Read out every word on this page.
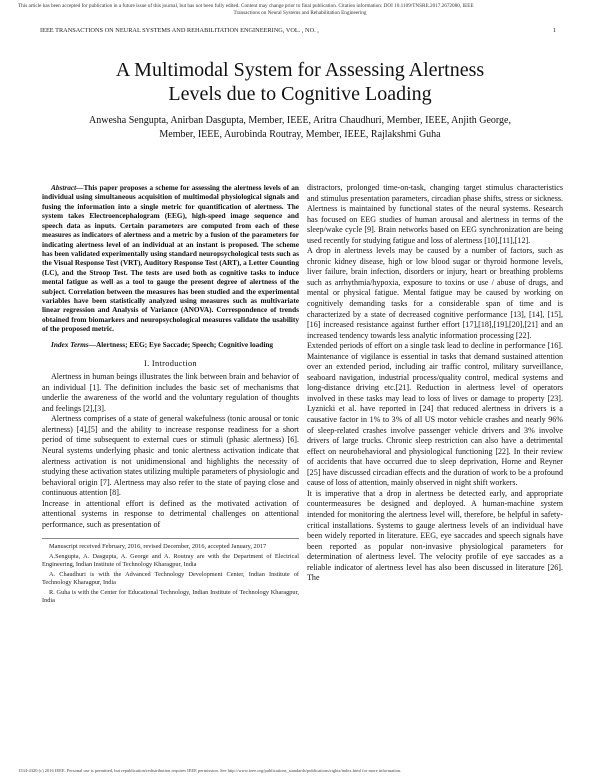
This article has been accepted for publication in a future issue of this journal, but has not been fully edited. Content may change prior to final publication. Citation information: DOI 10.1109/TNSRE.2017.2672080, IEEE
Transactions on Neural Systems and Rehabilitation Engineering
IEEE TRANSACTIONS ON NEURAL SYSTEMS AND REHABILITATION ENGINEERING, VOL. , NO. ,	1
A Multimodal System for Assessing Alertness
Levels due to Cognitive Loading
Anwesha Sengupta, Anirban Dasgupta, Member, IEEE, Aritra Chaudhuri, Member, IEEE, Anjith George,
Member, IEEE, Aurobinda Routray, Member, IEEE, Rajlakshmi Guha

Abstract—This paper proposes a scheme for assessing the alertness levels of an individual using simultaneous acquisition of multimodal physiological signals and fusing the information into a single metric for quantification of alertness. The system takes Electroencephalogram (EEG), high-speed image sequence and speech data as inputs. Certain parameters are computed from each of these measures as indicators of alertness and a metric by a fusion of the parameters for indicating alertness level of an individual at an instant is proposed. The scheme has been validated experimentally using standard neuropsychological tests such as the Visual Response Test (VRT), Auditory Response Test (ART), a Letter Counting (LC), and the Stroop Test. The tests are used both as cognitive tasks to induce mental fatigue as well as a tool to gauge the present degree of alertness of the subject. Correlation between the measures has been studied and the experimental variables have been statistically analyzed using measures such as multivariate linear regression and Analysis of Variance (ANOVA). Correspondence of trends obtained from biomarkers and neuropsychological measures validate the usability of the proposed metric.

Index Terms—Alertness; EEG; Eye Saccade; Speech; Cognitive loading

I. Introduction

Alertness in human beings illustrates the link between brain and behavior of an individual [1]. The definition includes the basic set of mechanisms that underlie the awareness of the world and the voluntary regulation of thoughts and feelings [2],[3].

Alertness comprises of a state of general wakefulness (tonic arousal or tonic alertness) [4],[5] and the ability to increase response readiness for a short period of time subsequent to external cues or stimuli (phasic alertness) [6]. Neural systems underlying phasic and tonic alertness activation indicate that alertness activation is not unidimensional and highlights the necessity of studying these activation states utilizing multiple parameters of physiologic and behavioral origin [7]. Alertness may also refer to the state of paying close and continuous attention [8].

Increase in attentional effort is defined as the motivated activation of attentional systems in response to detrimental challenges on attentional performance, such as presentation of

Manuscript received February, 2016, revised December, 2016, accepted January, 2017

A.Sengupta, A. Dasgupta, A. George and A. Routray are with the Department of Electrical Engineering, Indian Institute of Technology Kharagpur, India

A. Chaudhuri is with the Advanced Technology Development Center, Indian Institute of Technology Kharagpur, India

R. Guha is with the Center for Educational Technology, Indian Institute of Technology Kharagpur, India

distractors, prolonged time-on-task, changing target stimulus characteristics and stimulus presentation parameters, circadian phase shifts, stress or sickness. Alertness is maintained by functional states of the neural systems. Research has focused on EEG studies of human arousal and alertness in terms of the sleep/wake cycle [9]. Brain networks based on EEG synchronization are being used recently for studying fatigue and loss of alertness [10],[11],[12].

A drop in alertness levels may be caused by a number of factors, such as chronic kidney disease, high or low blood sugar or thyroid hormone levels, liver failure, brain infection, disorders or injury, heart or breathing problems such as arrhythmia/hypoxia, exposure to toxins or use / abuse of drugs, and mental or physical fatigue. Mental fatigue may be caused by working on cognitively demanding tasks for a considerable span of time and is characterized by a state of decreased cognitive performance [13], [14], [15], [16] increased resistance against further effort [17],[18],[19],[20],[21] and an increased tendency towards less analytic information processing [22].

Extended periods of effort on a single task lead to decline in performance [16]. Maintenance of vigilance is essential in tasks that demand sustained attention over an extended period, including air traffic control, military surveillance, seaboard navigation, industrial process/quality control, medical systems and long-distance driving etc.[21]. Reduction in alertness level of operators involved in these tasks may lead to loss of lives or damage to property [23]. Lyznicki et al. have reported in [24] that reduced alertness in drivers is a causative factor in 1% to 3% of all US motor vehicle crashes and nearly 96% of sleep-related crashes involve passenger vehicle drivers and 3% involve drivers of large trucks. Chronic sleep restriction can also have a detrimental effect on neurobehavioral and physiological functioning [22]. In their review of accidents that have occurred due to sleep deprivation, Horne and Reyner [25] have discussed circadian effects and the duration of work to be a profound cause of loss of attention, mainly observed in night shift workers.

It is imperative that a drop in alertness be detected early, and appropriate countermeasures be designed and deployed. A human-machine system intended for monitoring the alertness level will, therefore, be helpful in safety-critical installations. Systems to gauge alertness levels of an individual have been widely reported in literature. EEG, eye saccades and speech signals have been reported as popular non-invasive physiological parameters for determination of alertness level. The velocity profile of eye saccades as a reliable indicator of alertness level has also been discussed in literature [26]. The

1534-4320 (c) 2016 IEEE. Personal use is permitted, but republication/redistribution requires IEEE permission. See http://www.ieee.org/publications_standards/publications/rights/index.html for more information.
